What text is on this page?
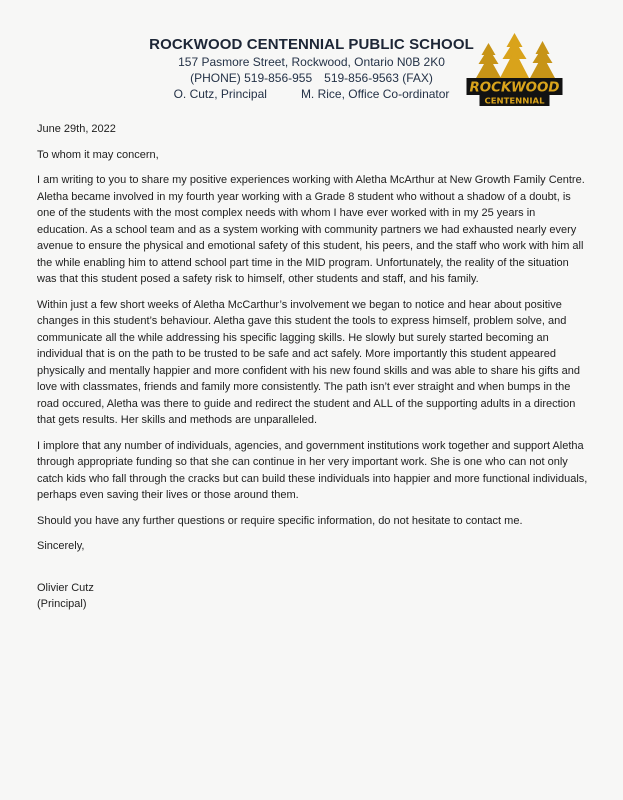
ROCKWOOD CENTENNIAL PUBLIC SCHOOL
157 Pasmore Street, Rockwood, Ontario N0B 2K0
(PHONE) 519-856-955 519-856-9563 (FAX)
O. Cutz, Principal	M. Rice, Office Co-ordinator	ROCKWOOD
CENTENNIAL

June 29th, 2022

To whom it may concern,

I am writing to you to share my positive experiences working with Aletha McArthur at New Growth Family Centre. Aletha became involved in my fourth year working with a Grade 8 student who without a shadow of a doubt, is one of the students with the most complex needs with whom I have ever worked with in my 25 years in education. As a school team and as a system working with community partners we had exhausted nearly every avenue to ensure the physical and emotional safety of this student, his peers, and the staff who work with him all the while enabling him to attend school part time in the MID program. Unfortunately, the reality of the situation was that this student posed a safety risk to himself, other students and staff, and his family.

Within just a few short weeks of Aletha McCarthur’s involvement we began to notice and hear about positive changes in this student’s behaviour. Aletha gave this student the tools to express himself, problem solve, and communicate all the while addressing his specific lagging skills. He slowly but surely started becoming an individual that is on the path to be trusted to be safe and act safely. More importantly this student appeared physically and mentally happier and more confident with his new found skills and was able to share his gifts and love with classmates, friends and family more consistently. The path isn’t ever straight and when bumps in the road occured, Aletha was there to guide and redirect the student and ALL of the supporting adults in a direction that gets results. Her skills and methods are unparalleled.

I implore that any number of individuals, agencies, and government institutions work together and support Aletha through appropriate funding so that she can continue in her very important work. She is one who can not only catch kids who fall through the cracks but can build these individuals into happier and more functional individuals, perhaps even saving their lives or those around them.

Should you have any further questions or require specific information, do not hesitate to contact me.

Sincerely,

Olivier Cutz

(Principal)
